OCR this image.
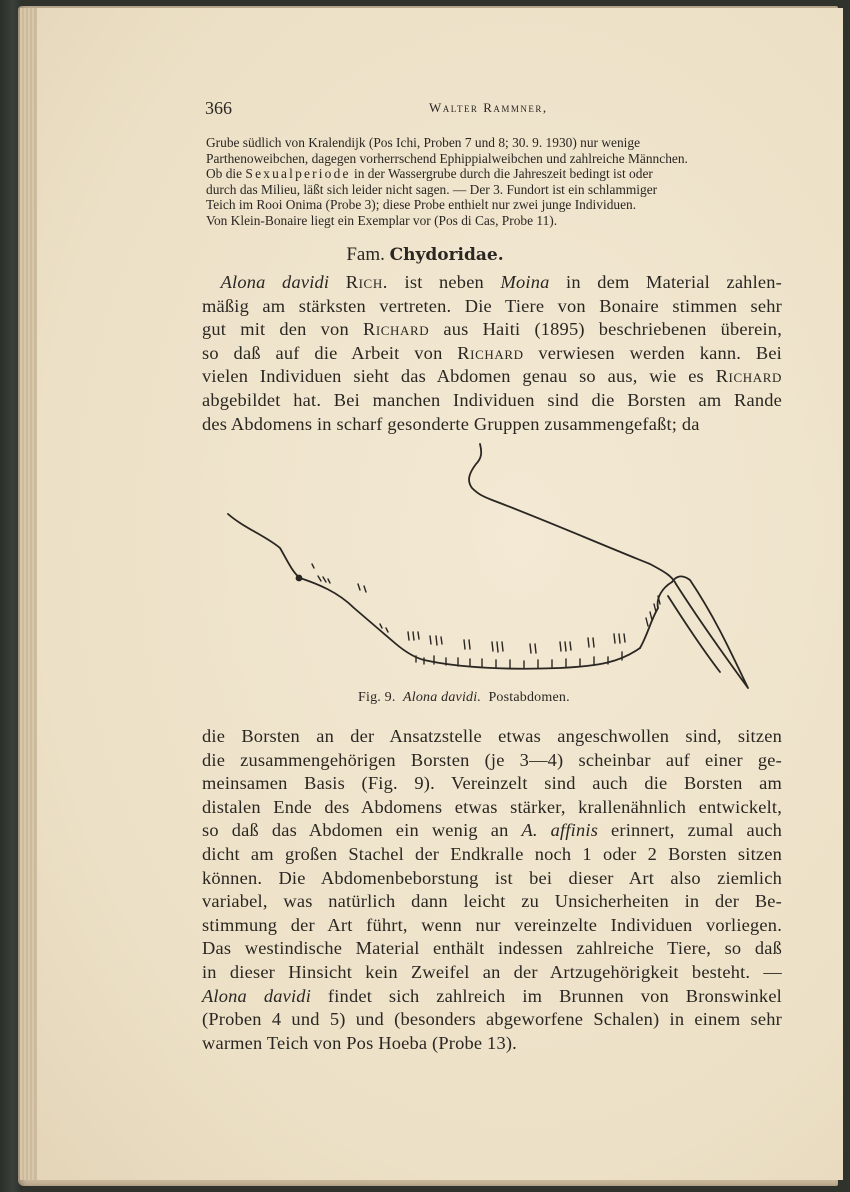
366	Walter Rammner,
Grube südlich von Kralendijk (Pos Ichi, Proben 7 und 8; 30. 9. 1930) nur wenige
Parthenoweibchen, dagegen vorherrschend Ephippialweibchen und zahlreiche Männchen.
Ob die Sexualperiode in der Wassergrube durch die Jahreszeit bedingt ist oder
durch das Milieu, läßt sich leider nicht sagen. — Der 3. Fundort ist ein schlammiger
Teich im Rooi Onima (Probe 3); diese Probe enthielt nur zwei junge Individuen.
Von Klein-Bonaire liegt ein Exemplar vor (Pos di Cas, Probe 11).
Fam. Chydoridae.
 Alona davidi Rich. ist neben Moina in dem Material zahlen-
mäßig am stärksten vertreten. Die Tiere von Bonaire stimmen sehr
gut mit den von Richard aus Haiti (1895) beschriebenen überein,
so daß auf die Arbeit von Richard verwiesen werden kann. Bei
vielen Individuen sieht das Abdomen genau so aus, wie es Richard
abgebildet hat. Bei manchen Individuen sind die Borsten am Rande
des Abdomens in scharf gesonderte Gruppen zusammengefaßt; da
Fig. 9. Alona davidi. Postabdomen.
die Borsten an der Ansatzstelle etwas angeschwollen sind, sitzen
die zusammengehörigen Borsten (je 3—4) scheinbar auf einer ge-
meinsamen Basis (Fig. 9). Vereinzelt sind auch die Borsten am
distalen Ende des Abdomens etwas stärker, krallenähnlich entwickelt,
so daß das Abdomen ein wenig an A. affinis erinnert, zumal auch
dicht am großen Stachel der Endkralle noch 1 oder 2 Borsten sitzen
können. Die Abdomenbeborstung ist bei dieser Art also ziemlich
variabel, was natürlich dann leicht zu Unsicherheiten in der Be-
stimmung der Art führt, wenn nur vereinzelte Individuen vorliegen.
Das westindische Material enthält indessen zahlreiche Tiere, so daß
in dieser Hinsicht kein Zweifel an der Artzugehörigkeit besteht. —
Alona davidi findet sich zahlreich im Brunnen von Bronswinkel
(Proben 4 und 5) und (besonders abgeworfene Schalen) in einem sehr
warmen Teich von Pos Hoeba (Probe 13).
